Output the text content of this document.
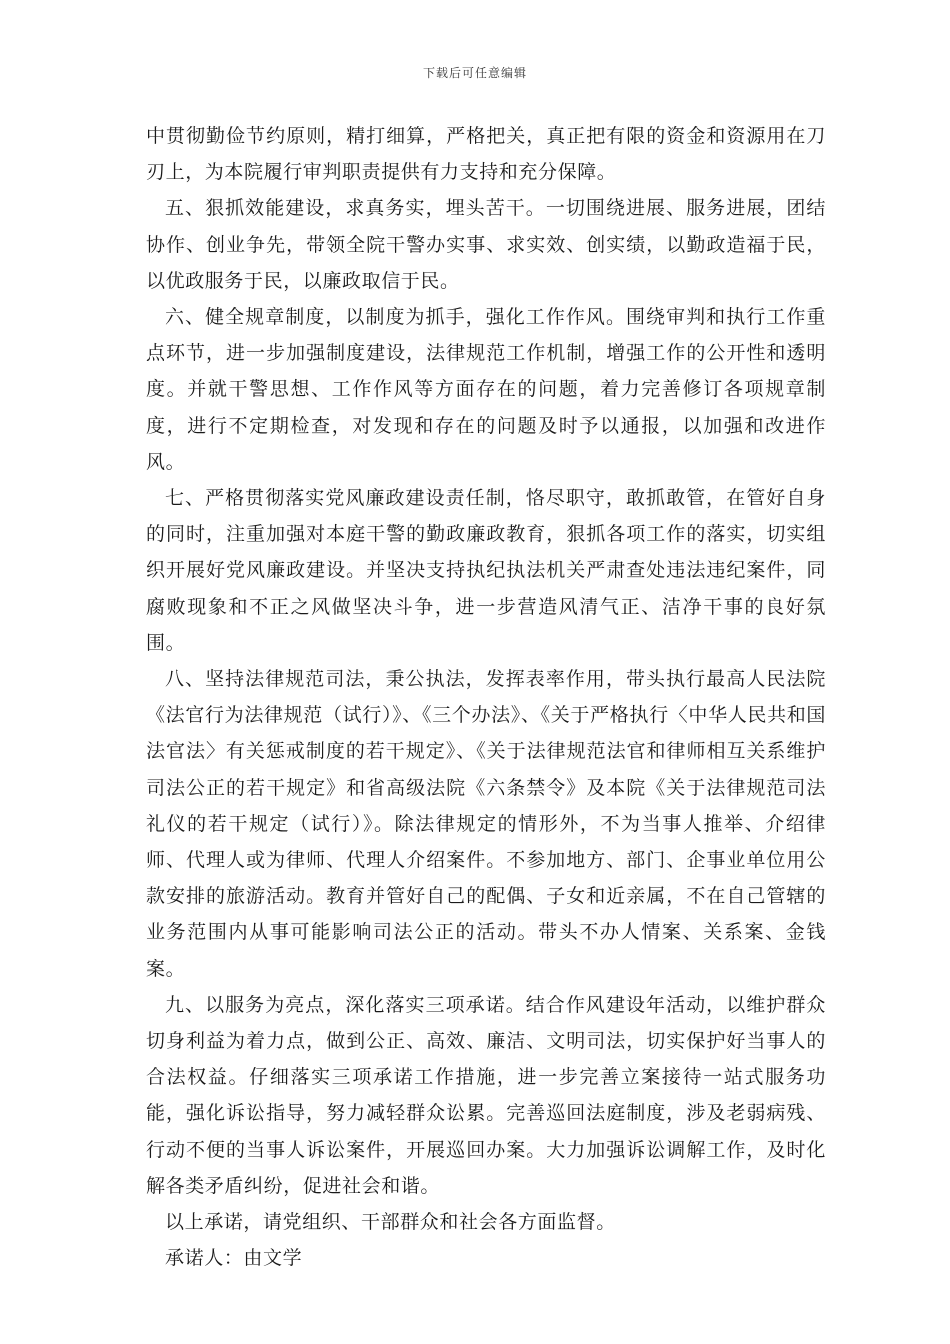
下载后可任意编辑

中贯彻勤俭节约原则，精打细算，严格把关，真正把有限的资金和资源用在刀刃上，为本院履行审判职责提供有力支持和充分保障。

五、狠抓效能建设，求真务实，埋头苦干。一切围绕进展、服务进展，团结协作、创业争先，带领全院干警办实事、求实效、创实绩，以勤政造福于民，以优政服务于民，以廉政取信于民。

六、健全规章制度，以制度为抓手，强化工作作风。围绕审判和执行工作重点环节，进一步加强制度建设，法律规范工作机制，增强工作的公开性和透明度。并就干警思想、工作作风等方面存在的问题，着力完善修订各项规章制度，进行不定期检查，对发现和存在的问题及时予以通报，以加强和改进作风。

七、严格贯彻落实党风廉政建设责任制，恪尽职守，敢抓敢管，在管好自身的同时，注重加强对本庭干警的勤政廉政教育，狠抓各项工作的落实，切实组织开展好党风廉政建设。并坚决支持执纪执法机关严肃查处违法违纪案件，同腐败现象和不正之风做坚决斗争，进一步营造风清气正、洁净干事的良好氛围。

八、坚持法律规范司法，秉公执法，发挥表率作用，带头执行最高人民法院《法官行为法律规范（试行）》、《三个办法》、《关于严格执行〈中华人民共和国法官法〉有关惩戒制度的若干规定》、《关于法律规范法官和律师相互关系维护司法公正的若干规定》和省高级法院《六条禁令》及本院《关于法律规范司法礼仪的若干规定（试行）》。除法律规定的情形外，不为当事人推举、介绍律师、代理人或为律师、代理人介绍案件。不参加地方、部门、企事业单位用公款安排的旅游活动。教育并管好自己的配偶、子女和近亲属，不在自己管辖的业务范围内从事可能影响司法公正的活动。带头不办人情案、关系案、金钱案。

九、以服务为亮点，深化落实三项承诺。结合作风建设年活动，以维护群众切身利益为着力点，做到公正、高效、廉洁、文明司法，切实保护好当事人的合法权益。仔细落实三项承诺工作措施，进一步完善立案接待一站式服务功能，强化诉讼指导，努力减轻群众讼累。完善巡回法庭制度，涉及老弱病残、行动不便的当事人诉讼案件，开展巡回办案。大力加强诉讼调解工作，及时化解各类矛盾纠纷，促进社会和谐。

以上承诺，请党组织、干部群众和社会各方面监督。

承诺人：由文学
